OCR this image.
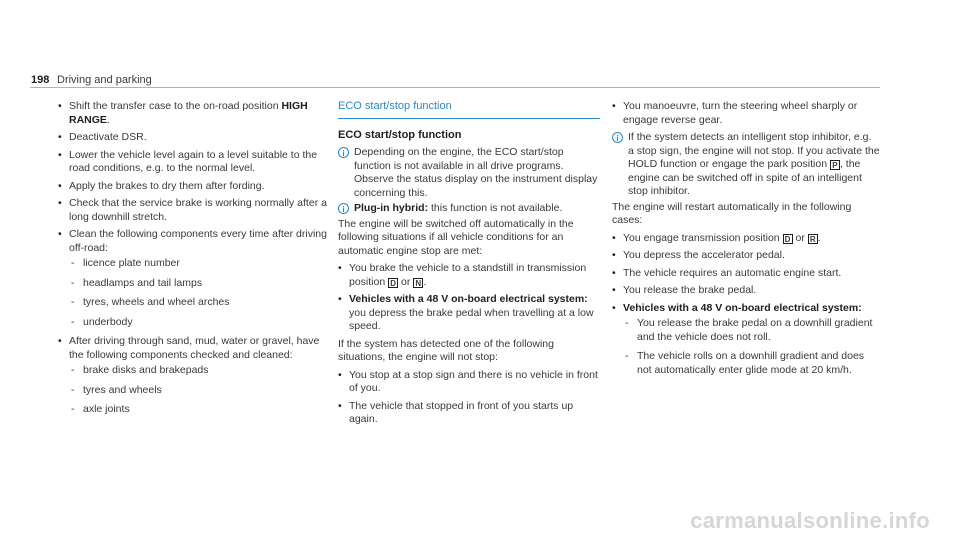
198 Driving and parking
• Shift the transfer case to the on-road position HIGH RANGE.
• Deactivate DSR.
• Lower the vehicle level again to a level suitable to the road conditions, e.g. to the normal level.
• Apply the brakes to dry them after fording.
• Check that the service brake is working normally after a long downhill stretch.
• Clean the following components every time after driving off-road:
- licence plate number
- headlamps and tail lamps
- tyres, wheels and wheel arches
- underbody
• After driving through sand, mud, water or gravel, have the following components checked and cleaned:
- brake disks and brakepads
- tyres and wheels
- axle joints
ECO start/stop function
ECO start/stop function
i Depending on the engine, the ECO start/stop function is not available in all drive programs. Observe the status display on the instrument display concerning this.
i Plug-in hybrid: this function is not available.

The engine will be switched off automatically in the following situations if all vehicle conditions for an automatic engine stop are met:

• You brake the vehicle to a standstill in transmission position D or N .
• Vehicles with a 48 V on-board electrical system: you depress the brake pedal when travelling at a low speed.

If the system has detected one of the following situations, the engine will not stop:

• You stop at a stop sign and there is no vehicle in front of you.
• The vehicle that stopped in front of you starts up again.
• You manoeuvre, turn the steering wheel sharply or engage reverse gear.
i If the system detects an intelligent stop inhibitor, e.g. a stop sign, the engine will not stop. If you activate the HOLD function or engage the park position P , the engine can be switched off in spite of an intelligent stop inhibitor.

The engine will restart automatically in the following cases:

• You engage transmission position D or R .
• You depress the accelerator pedal.
• The vehicle requires an automatic engine start.
• You release the brake pedal.
• Vehicles with a 48 V on-board electrical system:
- You release the brake pedal on a downhill gradient and the vehicle does not roll.
- The vehicle rolls on a downhill gradient and does not automatically enter glide mode at 20 km/h.
carmanualsonline.info
